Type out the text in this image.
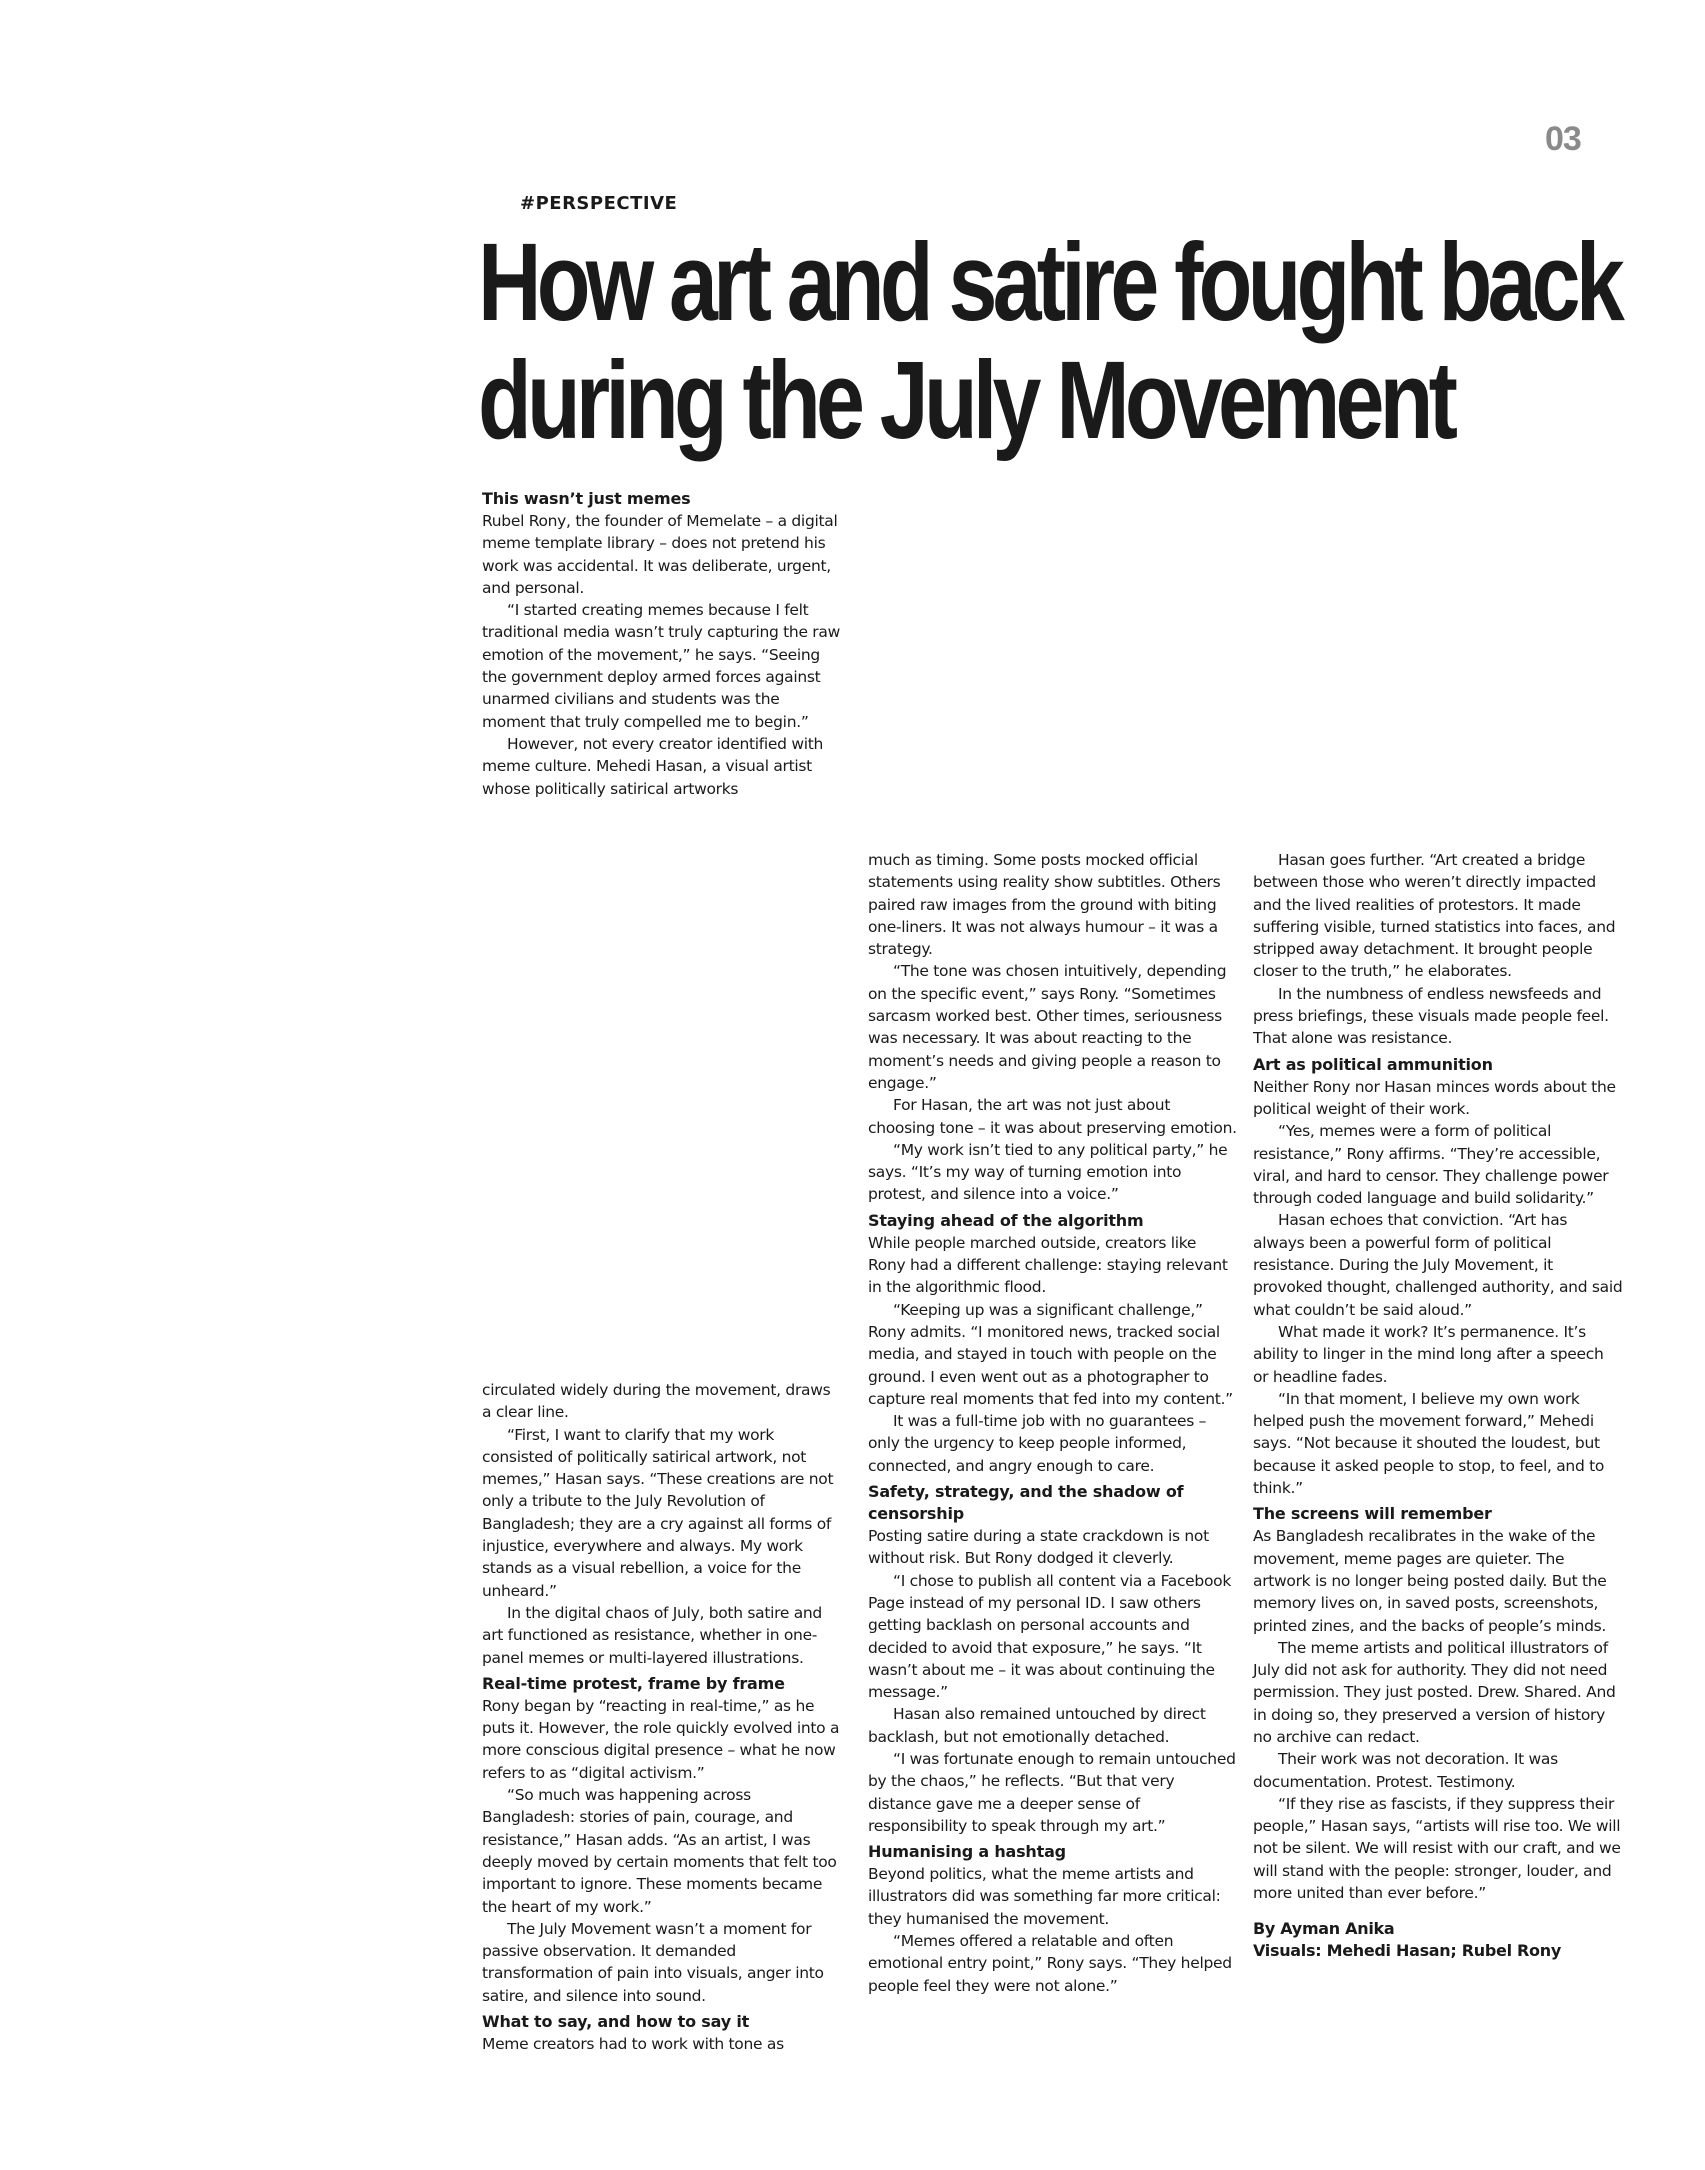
03
#PERSPECTIVE
How art and satire fought back
during the July Movement
This wasn’t just memes

Rubel Rony, the founder of Memelate – a digital meme template library – does not pretend his work was accidental. It was deliberate, urgent, and personal.

“I started creating memes because I felt traditional media wasn’t truly capturing the raw emotion of the movement,” he says. “Seeing the government deploy armed forces against unarmed civilians and students was the moment that truly compelled me to begin.”

However, not every creator identified with meme culture. Mehedi Hasan, a visual artist whose politically satirical artworks

circulated widely during the movement, draws a clear line.

“First, I want to clarify that my work consisted of politically satirical artwork, not memes,” Hasan says. “These creations are not only a tribute to the July Revolution of Bangladesh; they are a cry against all forms of injustice, everywhere and always. My work stands as a visual rebellion, a voice for the unheard.”

In the digital chaos of July, both satire and art functioned as resistance, whether in one-panel memes or multi-layered illustrations.

Real-time protest, frame by frame

Rony began by “reacting in real-time,” as he puts it. However, the role quickly evolved into a more conscious digital presence – what he now refers to as “digital activism.”

“So much was happening across Bangladesh: stories of pain, courage, and resistance,” Hasan adds. “As an artist, I was deeply moved by certain moments that felt too important to ignore. These moments became the heart of my work.”

The July Movement wasn’t a moment for passive observation. It demanded transformation of pain into visuals, anger into satire, and silence into sound.

What to say, and how to say it

Meme creators had to work with tone as

much as timing. Some posts mocked official statements using reality show subtitles. Others paired raw images from the ground with biting one-liners. It was not always humour – it was a strategy.

“The tone was chosen intuitively, depending on the specific event,” says Rony. “Sometimes sarcasm worked best. Other times, seriousness was necessary. It was about reacting to the moment’s needs and giving people a reason to engage.”

For Hasan, the art was not just about choosing tone – it was about preserving emotion.

“My work isn’t tied to any political party,” he says. “It’s my way of turning emotion into protest, and silence into a voice.”

Staying ahead of the algorithm

While people marched outside, creators like Rony had a different challenge: staying relevant in the algorithmic flood.

“Keeping up was a significant challenge,” Rony admits. “I monitored news, tracked social media, and stayed in touch with people on the ground. I even went out as a photographer to capture real moments that fed into my content.”

It was a full-time job with no guarantees – only the urgency to keep people informed, connected, and angry enough to care.

Safety, strategy, and the shadow of censorship

Posting satire during a state crackdown is not without risk. But Rony dodged it cleverly.

“I chose to publish all content via a Facebook Page instead of my personal ID. I saw others getting backlash on personal accounts and decided to avoid that exposure,” he says. “It wasn’t about me – it was about continuing the message.”

Hasan also remained untouched by direct backlash, but not emotionally detached.

“I was fortunate enough to remain untouched by the chaos,” he reflects. “But that very distance gave me a deeper sense of responsibility to speak through my art.”

Humanising a hashtag

Beyond politics, what the meme artists and illustrators did was something far more critical: they humanised the movement.

“Memes offered a relatable and often emotional entry point,” Rony says. “They helped people feel they were not alone.”

Hasan goes further. “Art created a bridge between those who weren’t directly impacted and the lived realities of protestors. It made suffering visible, turned statistics into faces, and stripped away detachment. It brought people closer to the truth,” he elaborates.

In the numbness of endless newsfeeds and press briefings, these visuals made people feel. That alone was resistance.

Art as political ammunition

Neither Rony nor Hasan minces words about the political weight of their work.

“Yes, memes were a form of political resistance,” Rony affirms. “They’re accessible, viral, and hard to censor. They challenge power through coded language and build solidarity.”

Hasan echoes that conviction. “Art has always been a powerful form of political resistance. During the July Movement, it provoked thought, challenged authority, and said what couldn’t be said aloud.”

What made it work? It’s permanence. It’s ability to linger in the mind long after a speech or headline fades.

“In that moment, I believe my own work helped push the movement forward,” Mehedi says. “Not because it shouted the loudest, but because it asked people to stop, to feel, and to think.”

The screens will remember

As Bangladesh recalibrates in the wake of the movement, meme pages are quieter. The artwork is no longer being posted daily. But the memory lives on, in saved posts, screenshots, printed zines, and the backs of people’s minds.

The meme artists and political illustrators of July did not ask for authority. They did not need permission. They just posted. Drew. Shared. And in doing so, they preserved a version of history no archive can redact.

Their work was not decoration. It was documentation. Protest. Testimony.

“If they rise as fascists, if they suppress their people,” Hasan says, “artists will rise too. We will not be silent. We will resist with our craft, and we will stand with the people: stronger, louder, and more united than ever before.”

By Ayman Anika
Visuals: Mehedi Hasan; Rubel Rony
